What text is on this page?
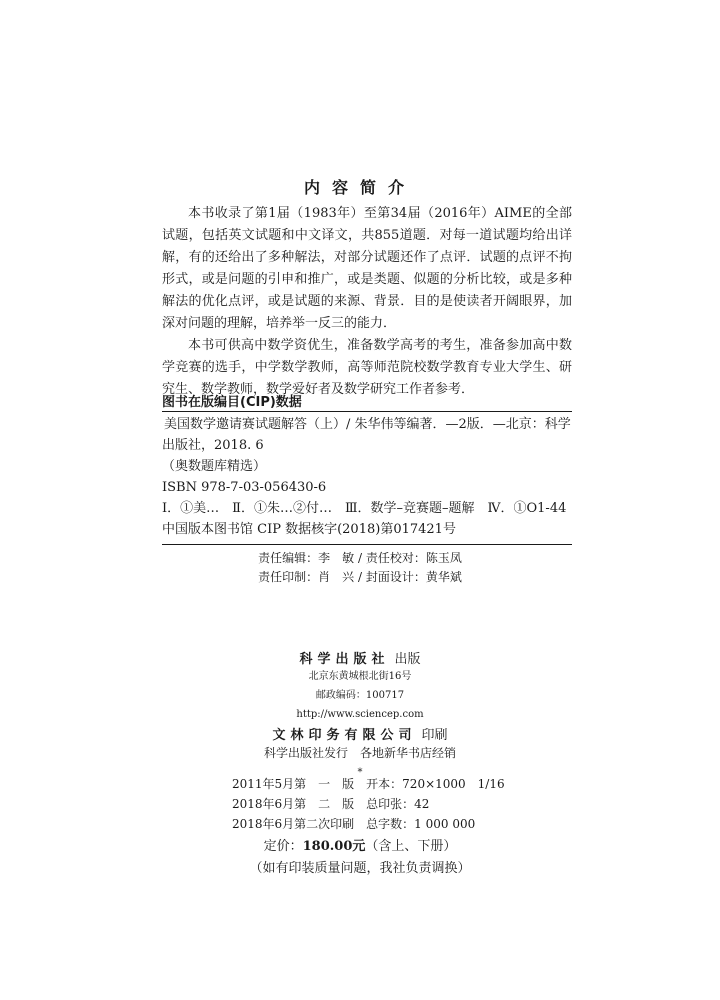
内容简介

本书收录了第1届（1983年）至第34届（2016年）AIME的全部试题，包括英文试题和中文译文，共855道题．对每一道试题均给出详解，有的还给出了多种解法，对部分试题还作了点评．试题的点评不拘形式，或是问题的引申和推广，或是类题、似题的分析比较，或是多种解法的优化点评，或是试题的来源、背景．目的是使读者开阔眼界，加深对问题的理解，培养举一反三的能力．

本书可供高中数学资优生，准备数学高考的考生，准备参加高中数学竞赛的选手，中学数学教师，高等师范院校数学教育专业大学生、研究生、数学教师，数学爱好者及数学研究工作者参考．

图书在版编目(CIP)数据
美国数学邀请赛试题解答（上）/ 朱华伟等编著．—2版．—北京：科学
出版社，2018. 6
（奥数题库精选）
ISBN 978-7-03-056430-6
Ⅰ．①美…　Ⅱ．①朱…②付…　Ⅲ．数学–竞赛题–题解　Ⅳ．①O1-44
中国版本图书馆 CIP 数据核字(2018)第017421号
责任编辑：李　敏 / 责任校对：陈玉凤
责任印制：肖　兴 / 封面设计：黄华斌
科学出版社 出版
北京东黄城根北街16号
邮政编码：100717
http://www.sciencep.com
文林印务有限公司 印刷
科学出版社发行　各地新华书店经销
*
2011年5月第　一　版　开本：720×1000　1/16
2018年6月第　二　版　总印张：42
2018年6月第二次印刷　总字数：1 000 000
定价：180.00元（含上、下册）
（如有印装质量问题，我社负责调换）
